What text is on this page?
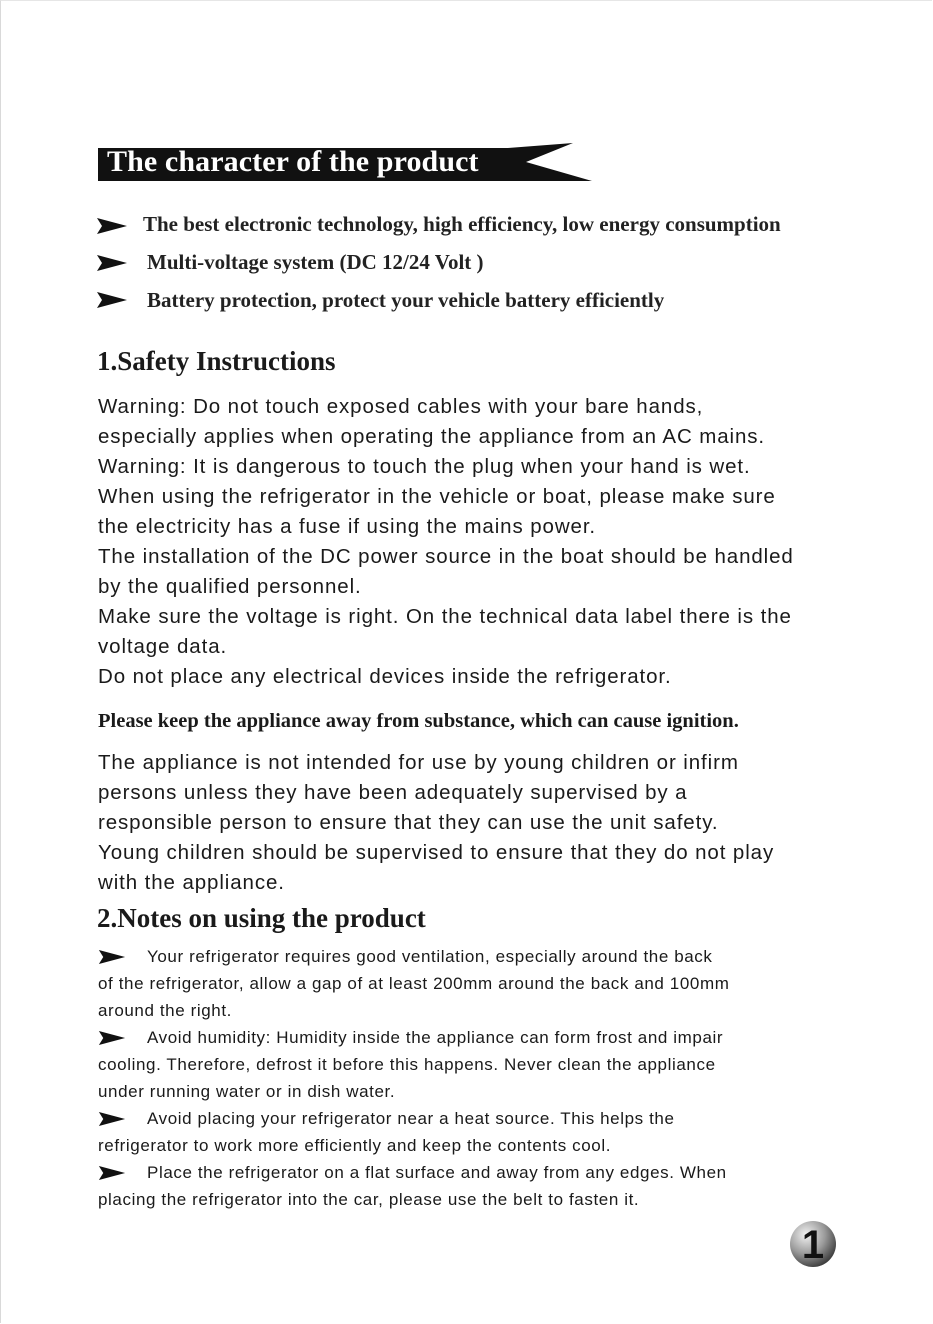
The character of the product
The best electronic technology, high efficiency, low energy consumption
Multi-voltage system (DC 12/24 Volt )
Battery protection, protect your vehicle battery efficiently
1.Safety Instructions
Warning: Do not touch exposed cables with your bare hands,
especially applies when operating the appliance from an AC mains.
Warning: It is dangerous to touch the plug when your hand is wet.
When using the refrigerator in the vehicle or boat, please make sure
the electricity has a fuse if using the mains power.
The installation of the DC power source in the boat should be handled
by the qualified personnel.
Make sure the voltage is right. On the technical data label there is the
voltage data.
Do not place any electrical devices inside the refrigerator.
Please keep the appliance away from substance, which can cause ignition.
The appliance is not intended for use by young children or infirm
persons unless they have been adequately supervised by a
responsible person to ensure that they can use the unit safety.
Young children should be supervised to ensure that they do not play
with the appliance.
2.Notes on using the product
Your refrigerator requires good ventilation, especially around the back
of the refrigerator, allow a gap of at least 200mm around the back and 100mm
around the right.
Avoid humidity: Humidity inside the appliance can form frost and impair
cooling. Therefore, defrost it before this happens. Never clean the appliance
under running water or in dish water.
Avoid placing your refrigerator near a heat source. This helps the
refrigerator to work more efficiently and keep the contents cool.
Place the refrigerator on a flat surface and away from any edges. When
placing the refrigerator into the car, please use the belt to fasten it.
1
